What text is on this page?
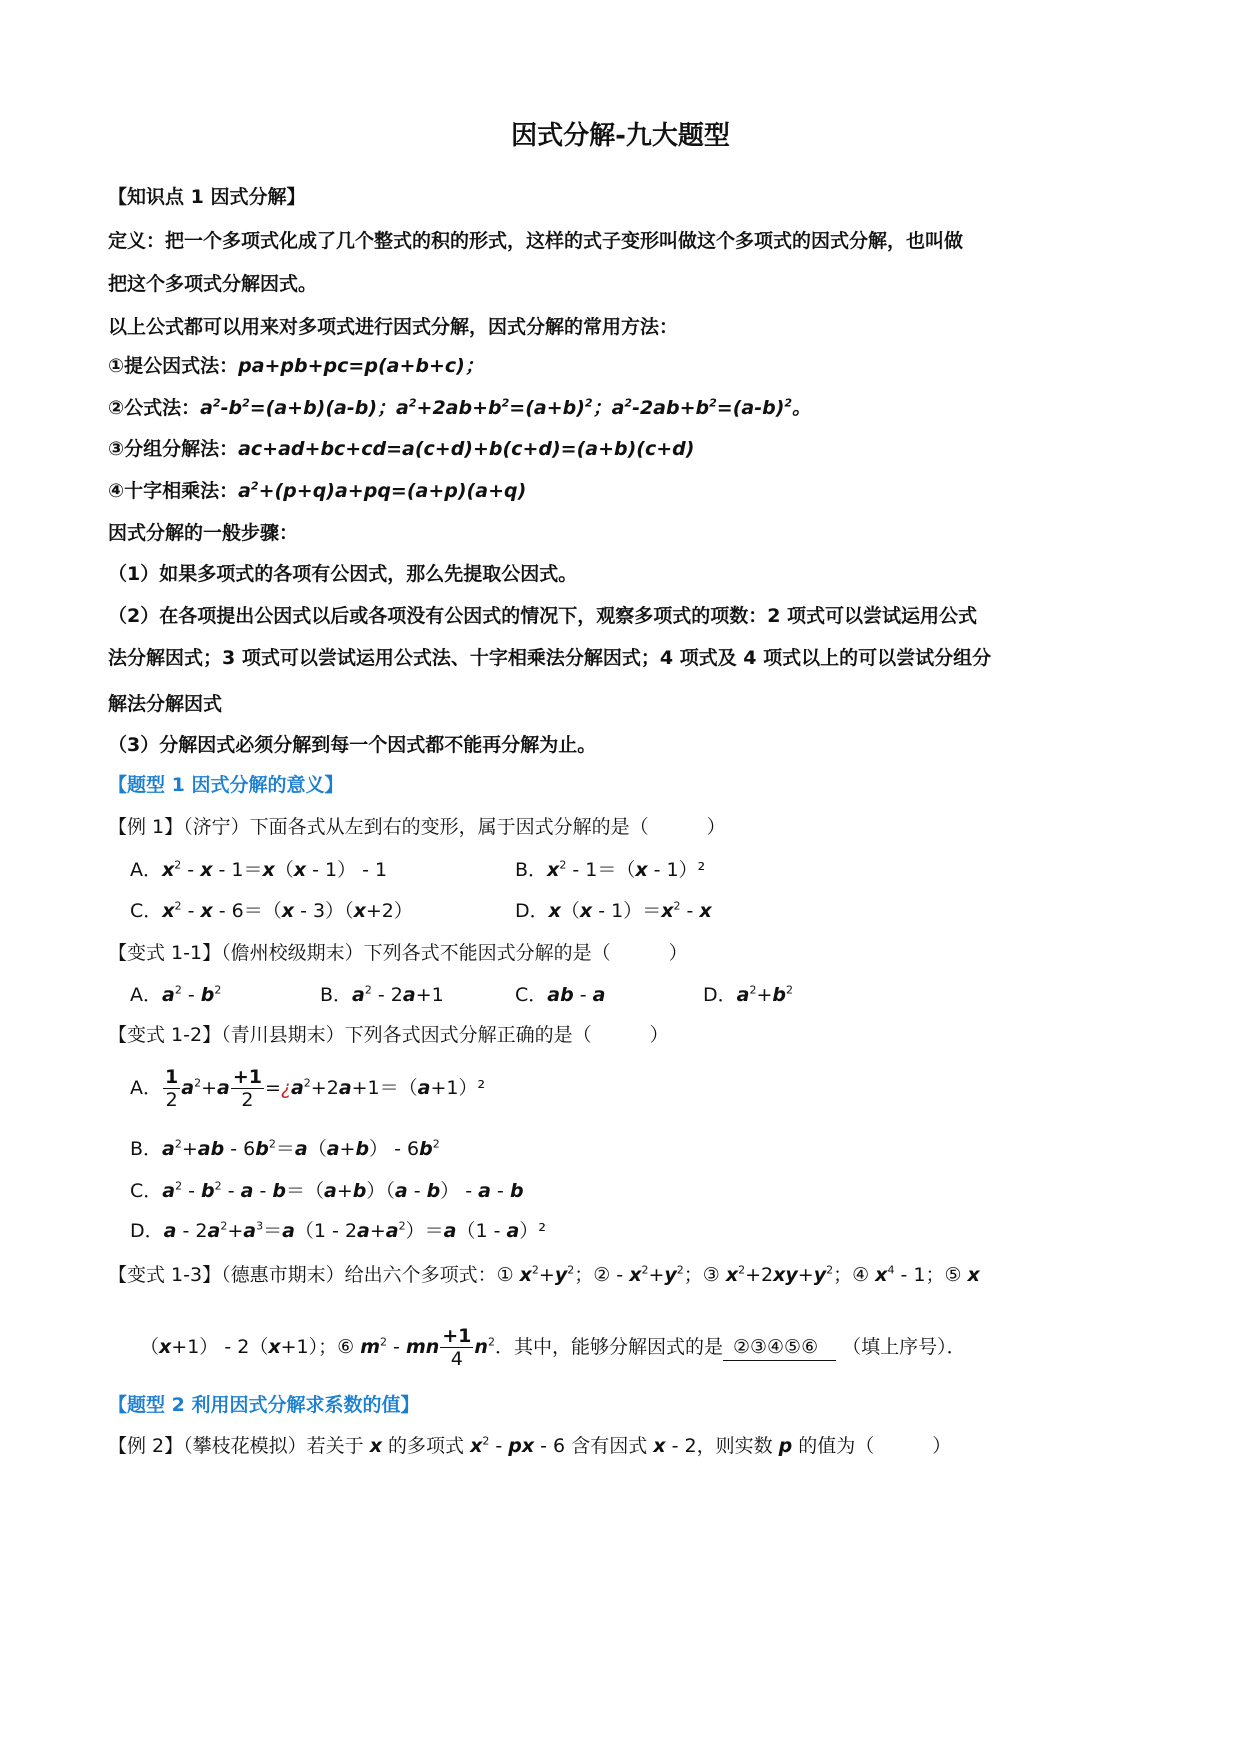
因式分解-九大题型
【知识点 1 因式分解】
定义：把一个多项式化成了几个整式的积的形式，这样的式子变形叫做这个多项式的因式分解，也叫做
把这个多项式分解因式。
以上公式都可以用来对多项式进行因式分解，因式分解的常用方法：
①提公因式法：pa+pb+pc=p(a+b+c)；
②公式法：$a^2-b^2=(a+b)(a-b)$；$a^2+2ab+b^2=(a+b)^2$；$a^2-2ab+b^2=(a-b)^2$。
③分组分解法：ac+ad+bc+cd=a(c+d)+b(c+d)=(a+b)(c+d)
④十字相乘法：$a^2+(p+q)a+pq=(a+p)(a+q)$
因式分解的一般步骤：
（1）如果多项式的各项有公因式，那么先提取公因式。
（2）在各项提出公因式以后或各项没有公因式的情况下，观察多项式的项数：2 项式可以尝试运用公式
法分解因式；3 项式可以尝试运用公式法、十字相乘法分解因式；4 项式及 4 项式以上的可以尝试分组分
解法分解因式
（3）分解因式必须分解到每一个因式都不能再分解为止。
【题型 1 因式分解的意义】
【例 1】（济宁）下面各式从左到右的变形，属于因式分解的是（	）
A．$x^2 - x - 1=x(x - 1) - 1$	B．$x^2 - 1=(x - 1)^2$
C．$x^2 - x - 6=(x - 3)(x+2)$	D．$x(x - 1)=x^2 - x$
【变式 1-1】（儋州校级期末）下列各式不能因式分解的是（	）
A．$a^2 - b^2$	B．$a^2 - 2a+1$	C．ab - a	D．$a^2+b^2$
【变式 1-2】（青川县期末）下列各式因式分解正确的是（	）
A． $\frac{1}{2} a^2+a \frac{+1}{2}$ $=¿a^2+2a+1=(a+1)^2$
B．$a^2+ab - 6b^2=a(a+b) - 6b^2$
C．$a^2 - b^2 - a - b=(a+b)(a - b) - a - b$
D．$a - 2a^2+a^3=a(1 - 2a+a^2)=a(1 - a)^2$
【变式 1-3】（德惠市期末）给出六个多项式：① $x^2+y^2$；② - $x^2+y^2$；③ $x^2+2xy+y^2$；④ $x^4 - 1$；⑤ x
（x+1） - 2（x+1）；⑥ $m^2$ - mn $\frac{+1}{4} n^2$．其中，能够分解因式的是 ②③④⑤⑥ （填上序号）．
【题型 2 利用因式分解求系数的值】
【例 2】（攀枝花模拟）若关于 x 的多项式 $x^2$ - px - 6 含有因式 x - 2，则实数 p 的值为（	）
